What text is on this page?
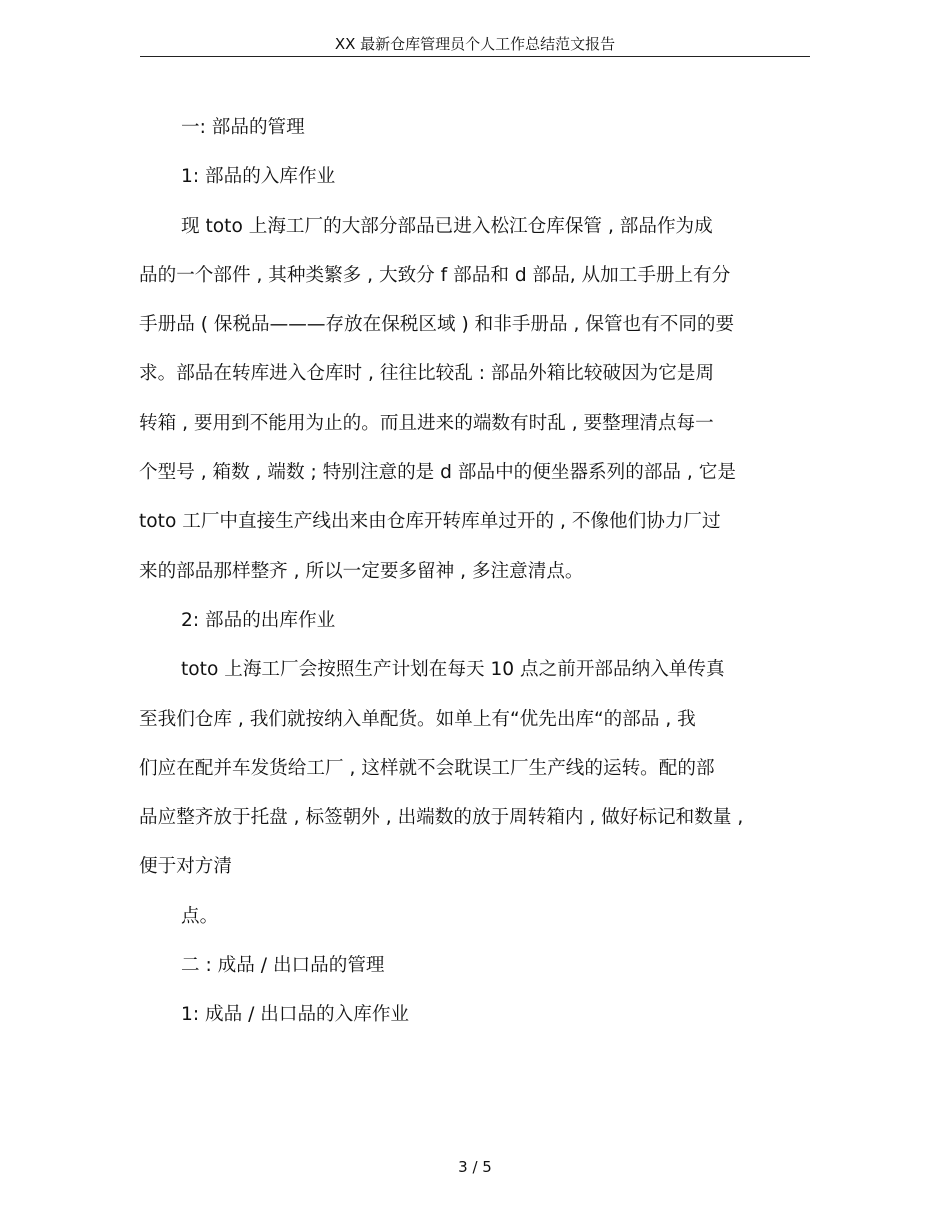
XX 最新仓库管理员个人工作总结范文报告
一: 部品的管理
1: 部品的入库作业
现 toto 上海工厂的大部分部品已进入松江仓库保管 , 部品作为成
品的一个部件 , 其种类繁多 , 大致分 f 部品和 d 部品, 从加工手册上有分
手册品 ( 保税品———存放在保税区域 ) 和非手册品 , 保管也有不同的要
求。部品在转库进入仓库时 , 往往比较乱 : 部品外箱比较破因为它是周
转箱 , 要用到不能用为止的。而且进来的端数有时乱 , 要整理清点每一
个型号 , 箱数 , 端数 ; 特别注意的是 d 部品中的便坐器系列的部品 , 它是
toto 工厂中直接生产线出来由仓库开转库单过开的 , 不像他们协力厂过
来的部品那样整齐 , 所以一定要多留神 , 多注意清点。
2: 部品的出库作业
toto 上海工厂会按照生产计划在每天 10 点之前开部品纳入单传真
至我们仓库 , 我们就按纳入单配货。如单上有“优先出库“的部品 , 我
们应在配并车发货给工厂 , 这样就不会耽误工厂生产线的运转。配的部
品应整齐放于托盘 , 标签朝外 , 出端数的放于周转箱内 , 做好标记和数量 ,
便于对方清
点。
二 : 成品 / 出口品的管理
1: 成品 / 出口品的入库作业
3 / 5
